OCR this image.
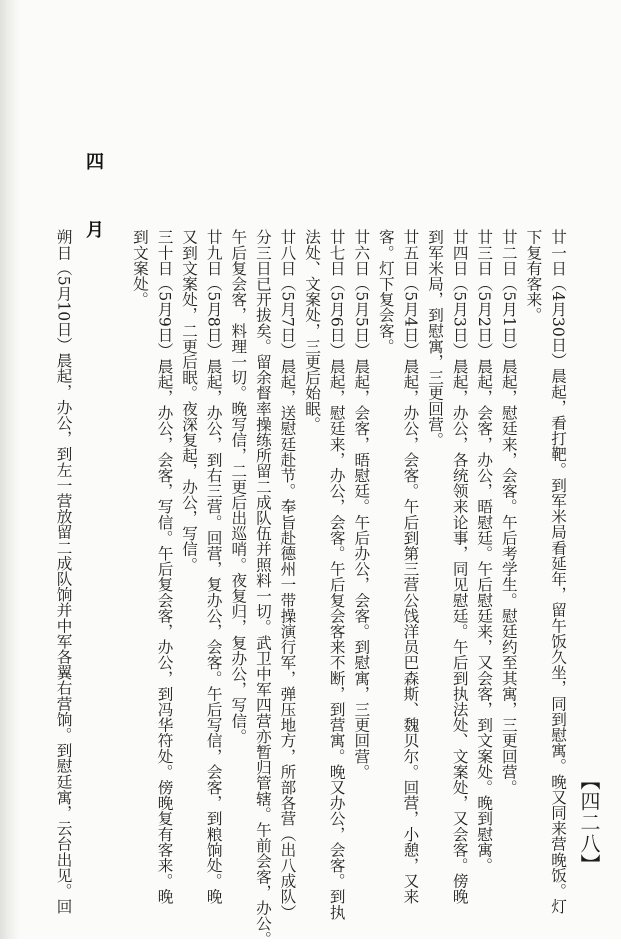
【四二八】
廿一日（4月30日）晨起，看打靶。到军米局看延年，留午饭久坐，同到慰寓。晚又同来营晚饭。灯
下复有客来。
廿二日（5月1日）晨起，慰廷来，会客。午后考学生。慰廷约至其寓，三更回营。
廿三日（5月2日）晨起，会客，办公，晤慰廷。午后慰廷来，又会客，到文案处。晚到慰寓。
廿四日（5月3日）晨起，办公，各统领来论事，同见慰廷。午后到执法处、文案处，又会客。傍晚
到军米局，到慰寓，三更回营。
廿五日（5月4日）晨起，办公，会客。午后到第三营公饯洋员巴森斯、魏贝尔。回营，小憩，又来
客。灯下复会客。
廿六日（5月5日）晨起，会客，晤慰廷。午后办公，会客。到慰寓，三更回营。
廿七日（5月6日）晨起，慰廷来，办公，会客。午后复会客来不断，到营寓。晚又办公，会客。到执
法处、文案处，三更后始眠。
廿八日（5月7日）晨起，送慰廷赴节。奉旨赴德州一带操演行军，弹压地方，所部各营（出八成队）
分三日已开拔矣。留余督率操练所留二成队伍并照料一切。武卫中军四营亦暂归管辖。午前会客，办公。
午后复会客，料理一切。晚写信，二更后出巡哨。夜复归，复办公，写信。
廿九日（5月8日）晨起，办公，到右三营。回营，复办公，会客。午后写信，会客，到粮饷处。晚
又到文案处，二更后眠。夜深复起，办公，写信。
三十日（5月9日）晨起，办公，会客，写信。午后复会客，办公，到冯华符处。傍晚复有客来。晚
到文案处。
四　月
朔日（5月10日）晨起，办公，到左一营放留二成队饷并中军各翼右营饷。到慰廷寓，云台出见。回
